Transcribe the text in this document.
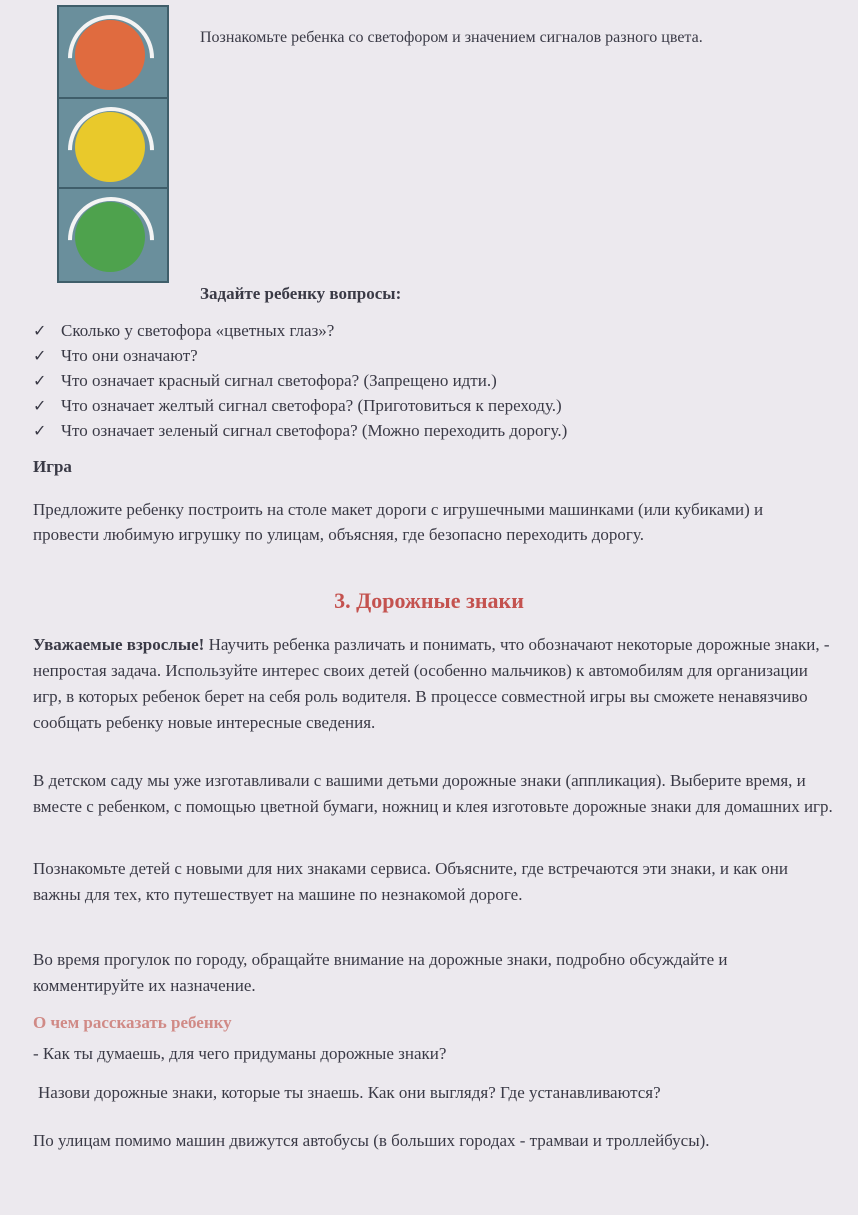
Познакомьте ребенка со светофором и значением сигналов разного цвета.
Задайте ребенку вопросы:
✓ Сколько у светофора «цветных глаз»?
✓ Что они означают?
✓ Что означает красный сигнал светофора? (Запрещено идти.)
✓ Что означает желтый сигнал светофора? (Приготовиться к переходу.)
✓ Что означает зеленый сигнал светофора? (Можно переходить дорогу.)
Игра
Предложите ребенку построить на столе макет дороги с игрушечными машинками (или кубиками) и провести любимую игрушку по улицам, объясняя, где безопасно переходить дорогу.
3. Дорожные знаки
Уважаемые взрослые! Научить ребенка различать и понимать, что обозначают некоторые дорожные знаки, - непростая задача. Используйте интерес своих детей (особенно мальчиков) к автомобилям для организации игр, в которых ребенок берет на себя роль водителя. В процессе совместной игры вы сможете ненавязчиво сообщать ребенку новые интересные сведения.
В детском саду мы уже изготавливали с вашими детьми дорожные знаки (аппликация). Выберите время, и вместе с ребенком, с помощью цветной бумаги, ножниц и клея изготовьте дорожные знаки для домашних игр.
Познакомьте детей с новыми для них знаками сервиса. Объясните, где встречаются эти знаки, и как они важны для тех, кто путешествует на машине по незнакомой дороге.
Во время прогулок по городу, обращайте внимание на дорожные знаки, подробно обсуждайте и комментируйте их назначение.
О чем рассказать ребенку
- Как ты думаешь, для чего придуманы дорожные знаки?
Назови дорожные знаки, которые ты знаешь. Как они выглядя? Где устанавливаются?
По улицам помимо машин движутся автобусы (в больших городах - трамваи и троллейбусы).
